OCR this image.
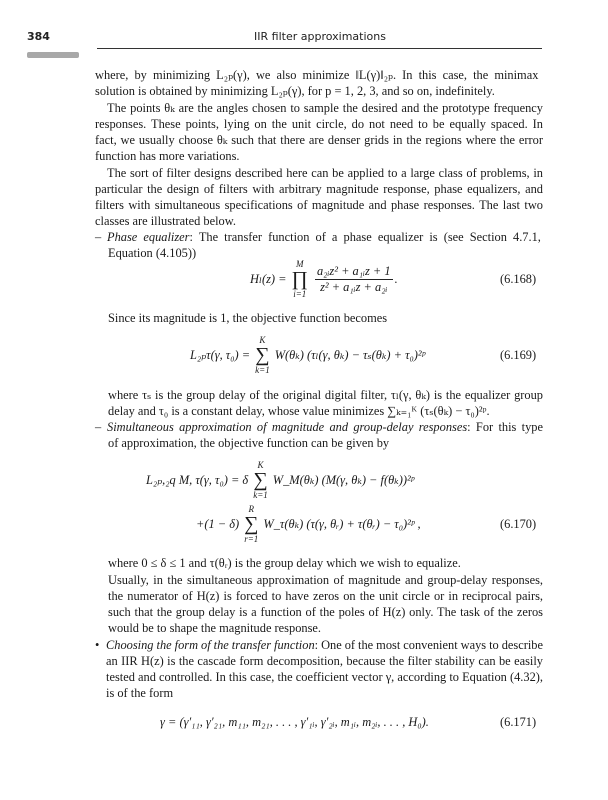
384	IIR filter approximations
where, by minimizing L₂ₚ(γ), we also minimize ‖L(γ)‖₂ₚ. In this case, the minimax
solution is obtained by minimizing L₂ₚ(γ), for p = 1, 2, 3, and so on, indefinitely.
The points θₖ are the angles chosen to sample the desired and the prototype frequency
responses. These points, lying on the unit circle, do not need to be equally spaced. In
fact, we usually choose θₖ such that there are denser grids in the regions where the error
function has more variations.
The sort of filter designs described here can be applied to a large class of problems, in
particular the design of filters with arbitrary magnitude response, phase equalizers, and
filters with simultaneous specifications of magnitude and phase responses. The last two
classes are illustrated below.
– Phase equalizer: The transfer function of a phase equalizer is (see Section 4.7.1,
Equation (4.105))
Hₗ(z) =
M
∏
$i=1 \frac{\text{a₂ᵢz² + a₁ᵢz + 1}}{\text{z² + a₁ᵢz + a₂ᵢ}}$ .	(6.168)
Since its magnitude is 1, the objective function becomes
L₂ₚτ(γ, τ₀) =
K
∑
k=1
W(θₖ) (τₗ(γ, θₖ) − τₛ(θₖ) + τ₀)²ᵖ	(6.169)
where τₛ is the group delay of the original digital filter, τₗ(γ, θₖ) is the equalizer group
delay and τ₀ is a constant delay, whose value minimizes ∑ₖ₌₁ᴷ (τₛ(θₖ) − τ₀)²ᵖ.
– Simultaneous approximation of magnitude and group-delay responses: For this type
of approximation, the objective function can be given by
L₂ₚ,₂q M, τ(γ, τ₀) = δ
K
∑
k=1
W_M(θₖ) (M(γ, θₖ) − f(θₖ))²ᵖ
+(1 − δ)
R
∑
r=1
W_τ(θₖ) (τ(γ, θᵣ) + τ(θᵣ) − τ₀)²ᵖ ,	(6.170)
where 0 ≤ δ ≤ 1 and τ(θᵣ) is the group delay which we wish to equalize.
Usually, in the simultaneous approximation of magnitude and group-delay responses,
the numerator of H(z) is forced to have zeros on the unit circle or in reciprocal pairs,
such that the group delay is a function of the poles of H(z) only. The task of the zeros
would be to shape the magnitude response.
• Choosing the form of the transfer function: One of the most convenient ways to describe
an IIR H(z) is the cascade form decomposition, because the filter stability can be easily
tested and controlled. In this case, the coefficient vector γ, according to Equation (4.32),
is of the form
γ = (γ′₁₁, γ′₂₁, m₁₁, m₂₁, . . . , γ′₁ᵢ, γ′₂ᵢ, m₁ᵢ, m₂ᵢ, . . . , H₀).	(6.171)
